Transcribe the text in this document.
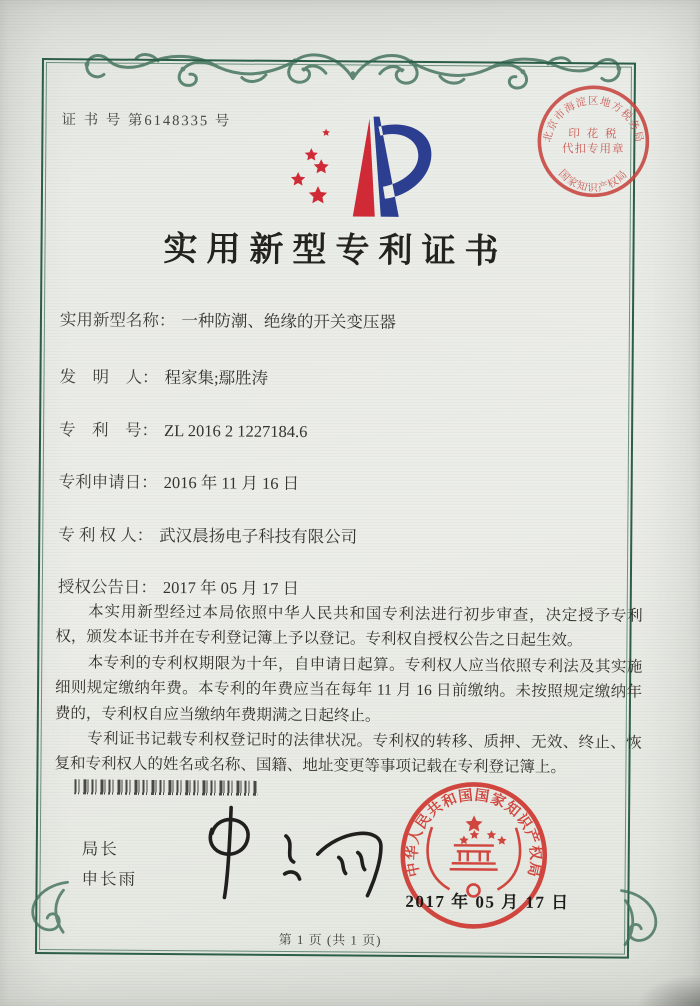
证 书 号 第6148335 号
北京市海淀区地方税务局
印 花 税
代扣专用章
国家知识产权局
实用新型专利证书
实用新型名称： 一种防潮、绝缘的开关变压器
发　明　人： 程家集;鄢胜涛
专　利　号： ZL 2016 2 1227184.6
专利申请日： 2016 年 11 月 16 日
专 利 权 人： 武汉晨扬电子科技有限公司
授权公告日： 2017 年 05 月 17 日

本实用新型经过本局依照中华人民共和国专利法进行初步审查，决定授予专利权，颁发本证书并在专利登记簿上予以登记。专利权自授权公告之日起生效。

本专利的专利权期限为十年，自申请日起算。专利权人应当依照专利法及其实施细则规定缴纳年费。本专利的年费应当在每年 11 月 16 日前缴纳。未按照规定缴纳年费的，专利权自应当缴纳年费期满之日起终止。

专利证书记载专利权登记时的法律状况。专利权的转移、质押、无效、终止、恢复和专利权人的姓名或名称、国籍、地址变更等事项记载在专利登记簿上。

局长
申长雨
中华人民共和国国家知识产权局
2017 年 05 月 17 日
第 1 页 (共 1 页)
